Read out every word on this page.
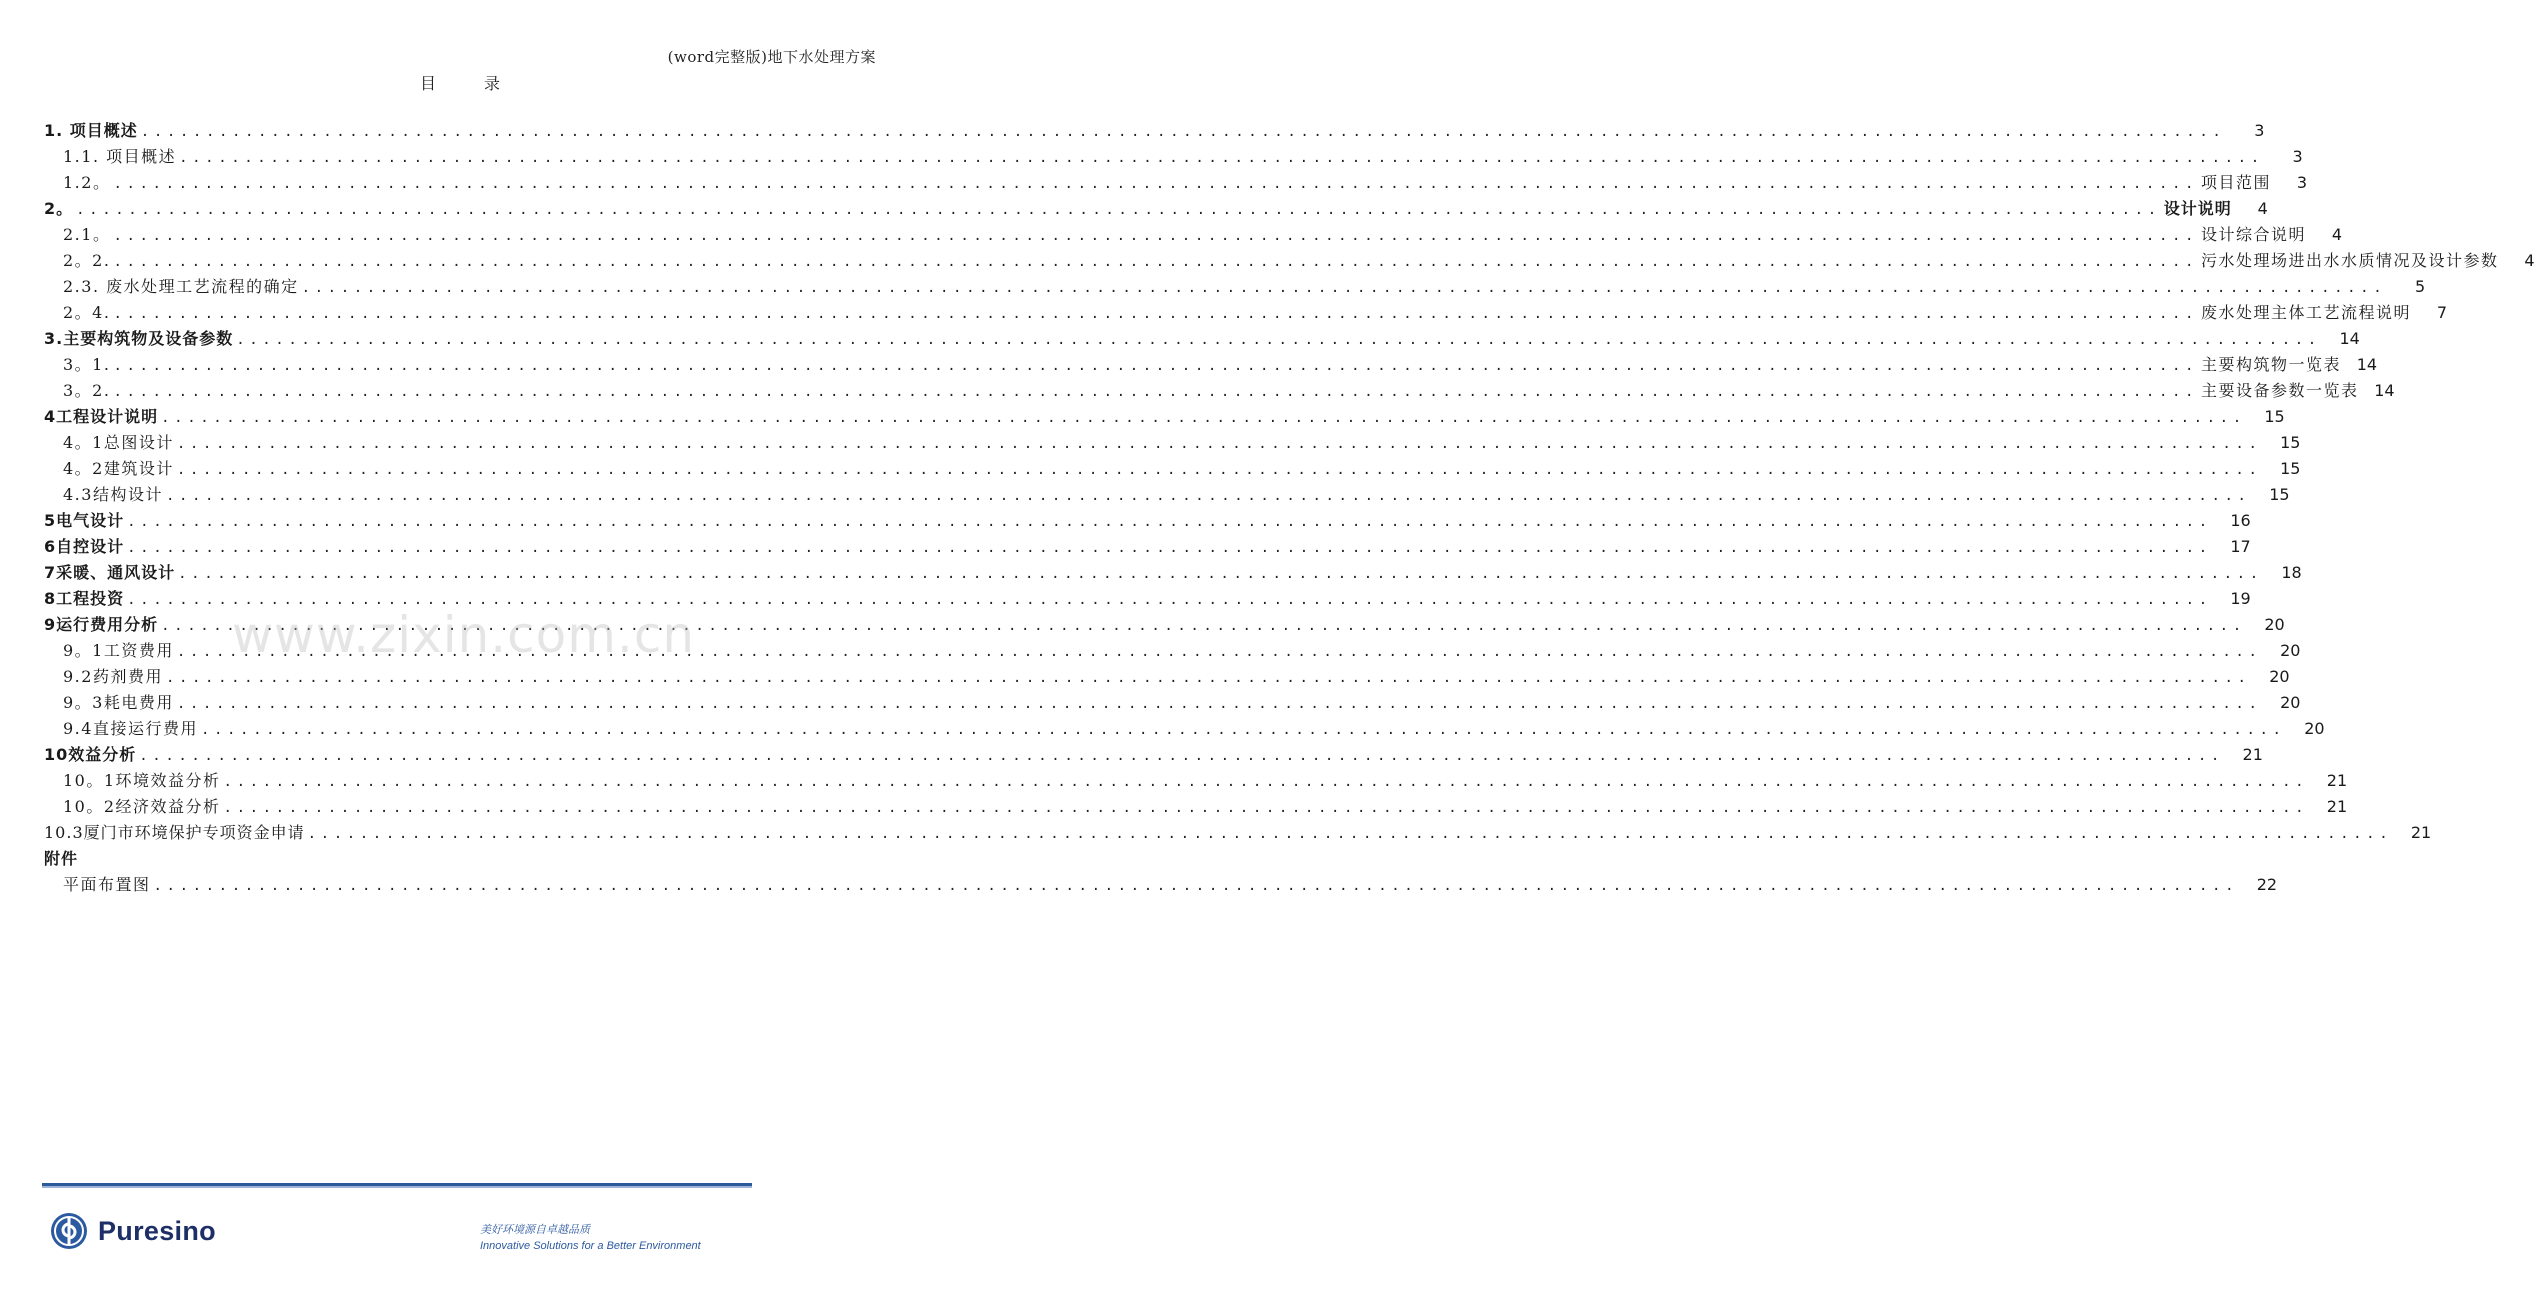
(word完整版)地下水处理方案
目录
1. 项目概述 ................................................................................................................................................................	3
1.1. 项目概述 ................................................................................................................................................................	3
1.2。 ................................................................................................................................................................ 项目范围	3
2。 ................................................................................................................................................................ 设计说明	4
2.1。 ................................................................................................................................................................ 设计综合说明	4
2。2. ................................................................................................................................................................ 污水处理场进出水水质情况及设计参数	4
2.3. 废水处理工艺流程的确定 ................................................................................................................................................................	5
2。4. ................................................................................................................................................................ 废水处理主体工艺流程说明	7
3.主要构筑物及设备参数 ................................................................................................................................................................	14
3。1. ................................................................................................................................................................ 主要构筑物一览表 14
3。2. ................................................................................................................................................................ 主要设备参数一览表 14
4工程设计说明 ................................................................................................................................................................	15
4。1总图设计 ................................................................................................................................................................	15
4。2建筑设计 ................................................................................................................................................................	15
4.3结构设计 ................................................................................................................................................................	15
5电气设计 ................................................................................................................................................................	16
6自控设计 ................................................................................................................................................................	17
7采暖、通风设计 ................................................................................................................................................................	18
8工程投资 ................................................................................................................................................................	19
9运行费用分析 ................................................................................................................................................................	20
9。1工资费用 ................................................................................................................................................................	20
9.2药剂费用 ................................................................................................................................................................	20
9。3耗电费用 ................................................................................................................................................................	20
9.4直接运行费用 ................................................................................................................................................................	20
10效益分析 ................................................................................................................................................................	21
10。1环境效益分析 ................................................................................................................................................................	21
10。2经济效益分析 ................................................................................................................................................................	21
10.3厦门市环境保护专项资金申请 ................................................................................................................................................................	21
附件
平面布置图 ................................................................................................................................................................	22
www.zixin.com.cn
Puresino	美好环境源自卓越品质
Innovative Solutions for a Better Environment
